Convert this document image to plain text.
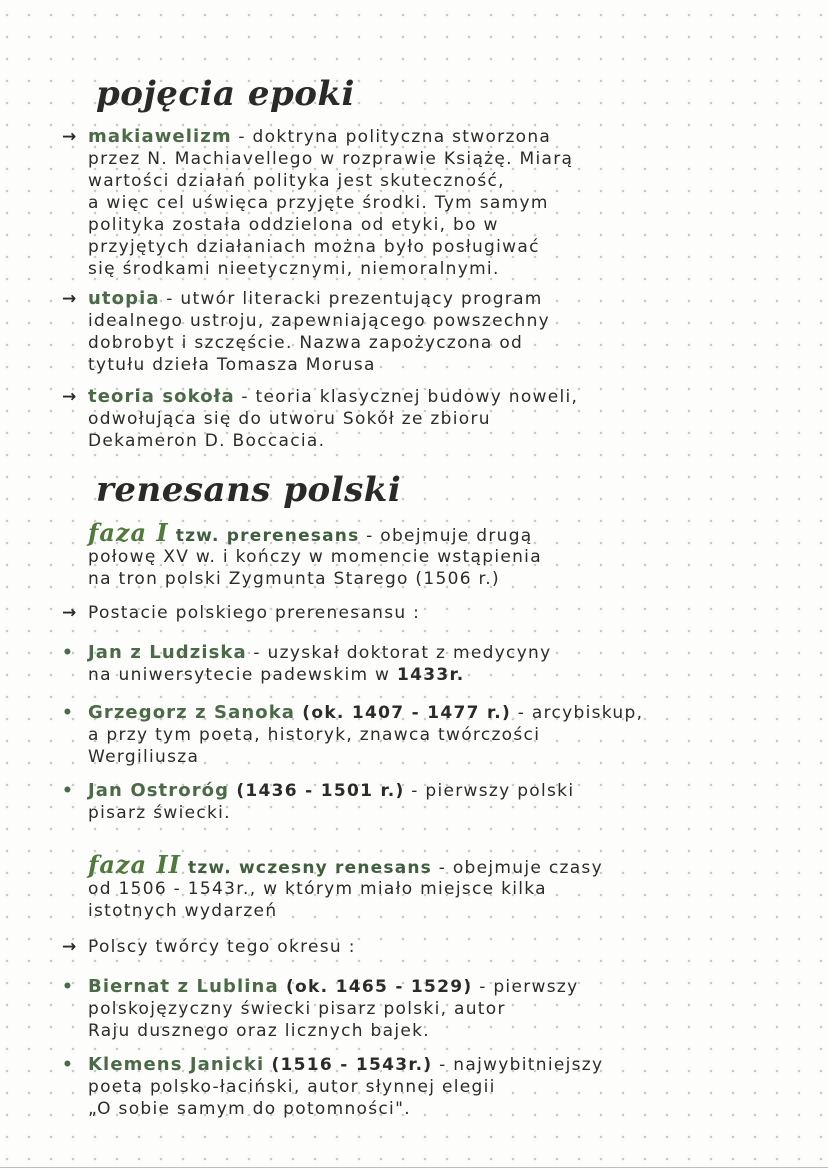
pojęcia epoki
→ makiawelizm - doktryna polityczna stworzona
przez N. Machiavellego w rozprawie Książę. Miarą
wartości działań polityka jest skuteczność,
a więc cel uświęca przyjęte środki. Tym samym
polityka została oddzielona od etyki, bo w
przyjętych działaniach można było posługiwać
się środkami nieetycznymi, niemoralnymi.
→ utopia - utwór literacki prezentujący program
idealnego ustroju, zapewniającego powszechny
dobrobyt i szczęście. Nazwa zapożyczona od
tytułu dzieła Tomasza Morusa
→ teoria sokoła - teoria klasycznej budowy noweli,
odwołująca się do utworu Sokół ze zbioru
Dekameron D. Boccacia.
renesans polski
faza I tzw. prerenesans - obejmuje drugą
połowę XV w. i kończy w momencie wstąpienia
na tron polski Zygmunta Starego (1506 r.)
→ Postacie polskiego prerenesansu :
• Jan z Ludziska - uzyskał doktorat z medycyny
na uniwersytecie padewskim w 1433r.
• Grzegorz z Sanoka (ok. 1407 - 1477 r.) - arcybiskup,
a przy tym poeta, historyk, znawca twórczości
Wergiliusza
• Jan Ostroróg (1436 - 1501 r.) - pierwszy polski
pisarz świecki.
faza II tzw. wczesny renesans - obejmuje czasy
od 1506 - 1543r., w którym miało miejsce kilka
istotnych wydarzeń
→ Polscy twórcy tego okresu :
• Biernat z Lublina (ok. 1465 - 1529) - pierwszy
polskojęzyczny świecki pisarz polski, autor
Raju dusznego oraz licznych bajek.
• Klemens Janicki (1516 - 1543r.) - najwybitniejszy
poeta polsko-łaciński, autor słynnej elegii
„O sobie samym do potomności".
